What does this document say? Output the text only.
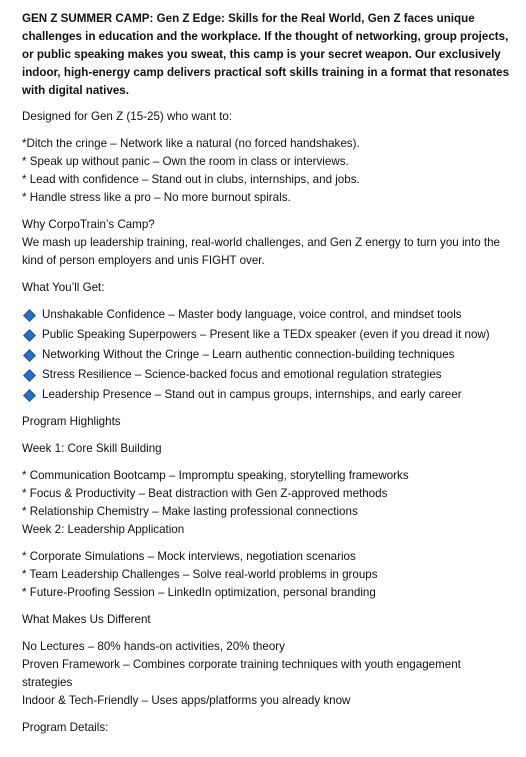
GEN Z SUMMER CAMP: Gen Z Edge: Skills for the Real World, Gen Z faces unique challenges in education and the workplace. If the thought of networking, group projects, or public speaking makes you sweat, this camp is your secret weapon. Our exclusively indoor, high-energy camp delivers practical soft skills training in a format that resonates with digital natives.

Designed for Gen Z (15-25) who want to:

*Ditch the cringe – Network like a natural (no forced handshakes).
* Speak up without panic – Own the room in class or interviews.
* Lead with confidence – Stand out in clubs, internships, and jobs.
* Handle stress like a pro – No more burnout spirals.

Why CorpoTrain’s Camp?

We mash up leadership training, real-world challenges, and Gen Z energy to turn you into the kind of person employers and unis FIGHT over.

What You’ll Get:

Unshakable Confidence – Master body language, voice control, and mindset tools
Public Speaking Superpowers – Present like a TEDx speaker (even if you dread it now)
Networking Without the Cringe – Learn authentic connection-building techniques
Stress Resilience – Science-backed focus and emotional regulation strategies
Leadership Presence – Stand out in campus groups, internships, and early career

Program Highlights

Week 1: Core Skill Building

* Communication Bootcamp – Impromptu speaking, storytelling frameworks
* Focus & Productivity – Beat distraction with Gen Z-approved methods
* Relationship Chemistry – Make lasting professional connections

Week 2: Leadership Application

* Corporate Simulations – Mock interviews, negotiation scenarios
* Team Leadership Challenges – Solve real-world problems in groups
* Future-Proofing Session – LinkedIn optimization, personal branding

What Makes Us Different

No Lectures – 80% hands-on activities, 20% theory
Proven Framework – Combines corporate training techniques with youth engagement strategies
Indoor & Tech-Friendly – Uses apps/platforms you already know

Program Details:
